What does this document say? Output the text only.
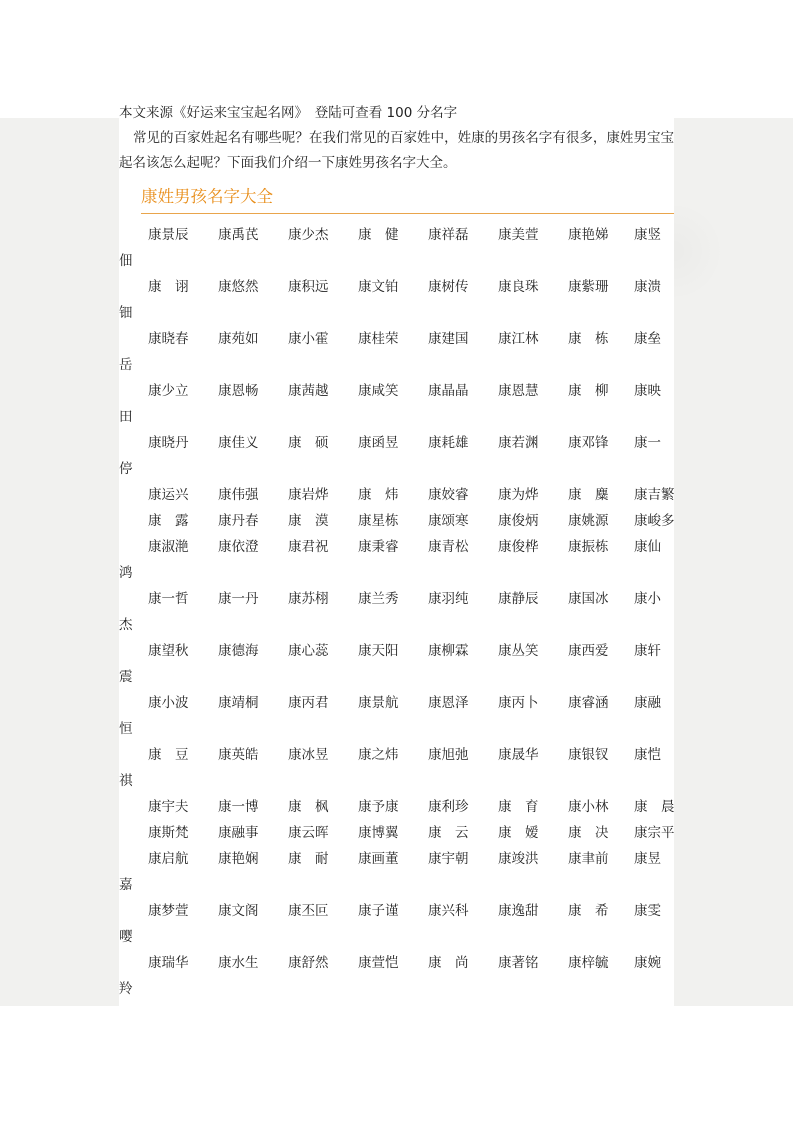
本文来源《好运来宝宝起名网》　登陆可查看 100 分名字

常见的百家姓起名有哪些呢？在我们常见的百家姓中，姓康的男孩名字有很多，康姓男宝宝起名该怎么起呢？下面我们介绍一下康姓男孩名字大全。

康姓男孩名字大全
康景辰 康禹芪 康少杰 康　健 康祥磊 康美萱 康艳娣 康竖
佃
康　诩 康悠然 康积远 康文铂 康树传 康良珠 康紫珊 康溃
钿
康晓春 康苑如 康小霍 康桂荣 康建国 康江林 康　栋 康垒
岳
康少立 康恩畅 康茜越 康咸笑 康晶晶 康恩慧 康　柳 康映
田
康晓丹 康佳义 康　硕 康函昱 康耗雄 康若渊 康邓锋 康一
停
康运兴 康伟强 康岩烨 康　炜 康姣睿 康为烨 康　麋 康吉繁
康　露 康丹春 康　漠 康星栋 康颂寒 康俊炳 康姚源 康峻多
康淑滟 康依澄 康君祝 康秉睿 康青松 康俊桦 康振栋 康仙
鸿
康一哲 康一丹 康苏栩 康兰秀 康羽纯 康静辰 康国冰 康小
杰
康望秋 康德海 康心蕊 康天阳 康柳霖 康丛笑 康西爱 康轩
震
康小波 康靖桐 康丙君 康景航 康恩泽 康丙卜 康睿涵 康融
恒
康　豆 康英皓 康冰昱 康之炜 康旭弛 康晟华 康银钗 康恺
祺
康宇夫 康一博 康　枫 康予康 康利珍 康　育 康小林 康　晨
康斯梵 康融事 康云晖 康博翼 康　云 康　嫒 康　决 康宗平
康启航 康艳娴 康　耐 康画董 康宇朝 康竣洪 康聿前 康昱
嘉
康梦萱 康文阁 康丕叵 康子谨 康兴科 康逸甜 康　希 康雯
嘤
康瑞华 康水生 康舒然 康萱恺 康　尚 康著铭 康梓毓 康婉
羚
